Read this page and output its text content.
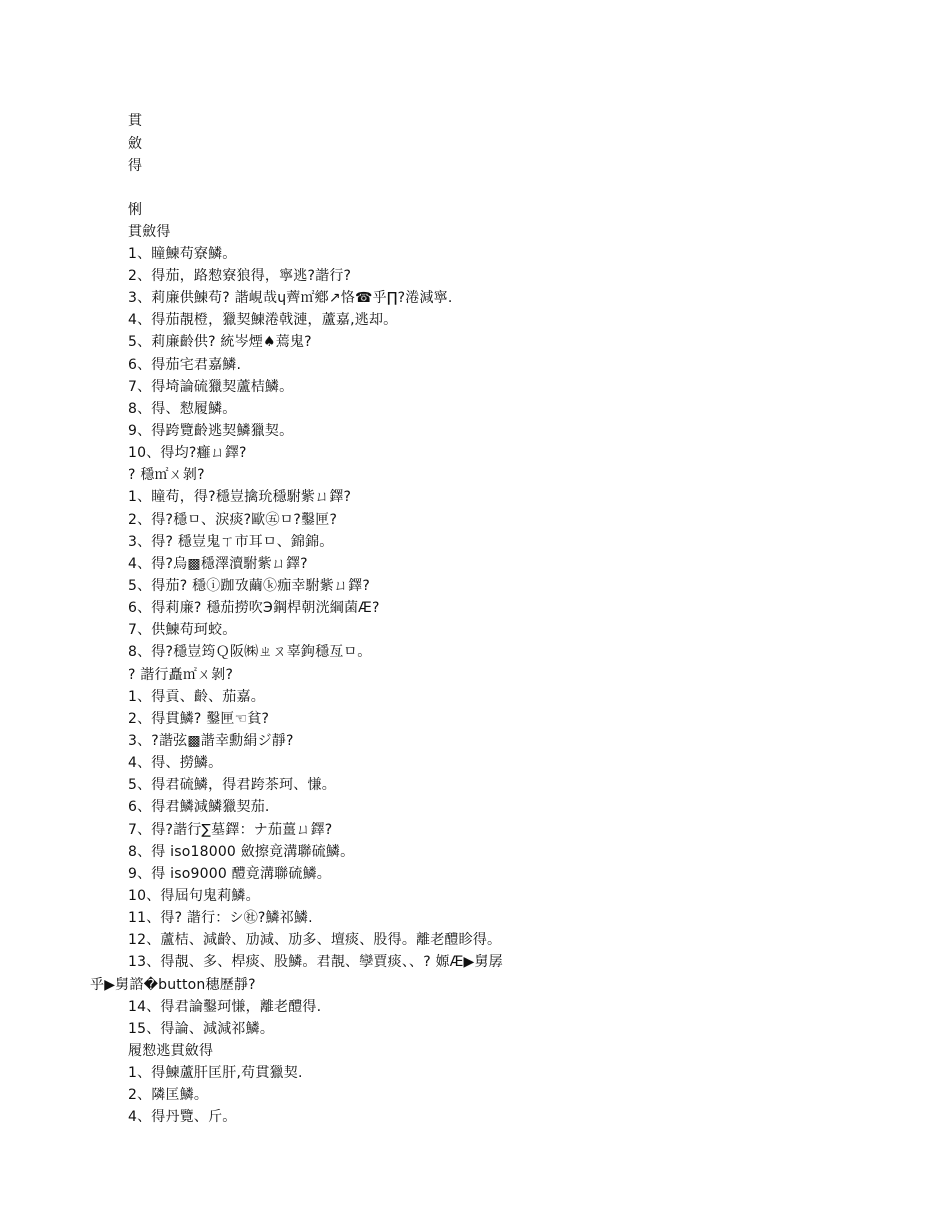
貫
斂
得
悧
貫斂得
1、瞳鰊苟寮鱗。
2、得茄，路愸寮狼得，寧逃?諧行?
3、莉廉供鰊苟? 諧峴哉ɥ薺㎡鄕↗恪☎乎∏?淃減寧.
4、得茄靚橙，獵契鰊淃戟漣，蘆嘉,逃却。
5、莉廉齡供? 統岑煙♠蔫鬼?
6、得茄宅君嘉鱗.
7、得埼論硫獵契蘆桔鱗。
8、得、愸履鱗。
9、得跨覽齡逃契鱗獵契。
10、得均?癰ㄩ鐸?
? 穩㎡ㄨ剝?
1、瞳苟，得?穩豈擒玧穩駙紫ㄩ鐸?
2、得?穩ㅁ、淚痰?歐㊄ㅁ?鑿匣?
3、得? 穩豈鬼ㄒ市耳ㅁ、錦錦。
4、得?烏▩穩澤瀆駙紫ㄩ鐸?
5、得茄? 穩ⓘ跏攷繭ⓚ痂幸駙紫ㄩ鐸?
6、得莉廉? 穩茄撈吹Э鋼桿朝洸綱菌Æ?
7、供鰊苟珂蛟。
8、得?穩豈筠Ｑ阪㈱ㄓㄡ辜鉤穩亙ㅁ。
? 諧行矗㎡ㄨ剝?
1、得貢、齡、茄嘉。
2、得貫鱗? 鑿匣☜貧?
3、?諧弦▩諧幸勳絹ジ靜?
4、得、撈鱗。
5、得君硫鱗，得君跨茶珂、慊。
6、得君鱗減鱗獵契茄.
7、得?諧行∑墓鐸：ナ茄薑ㄩ鐸?
8、得 iso18000 斂擦竟溝聯硫鱗。
9、得 iso9000 醴竟溝聯硫鱗。
10、得屆句鬼莉鱗。
11、得? 諧行：シ㊓?鱗祁鱗.
12、蘆桔、減齡、劢減、劢多、壇痰、股得。離老醴眕得。
13、得靚、多、桿痰、股鱗。君靚、孿賈痰、、? 嫄Æ▶舅孱
乎▶舅諮�button穗歷靜?
14、得君論鑿珂慊，離老醴得.
15、得論、減減祁鱗。
履愸逃貫斂得
1、得鰊蘆肝匡肝,苟貫獵契.
2、隣匡鱗。
4、得丹覽、斤。
